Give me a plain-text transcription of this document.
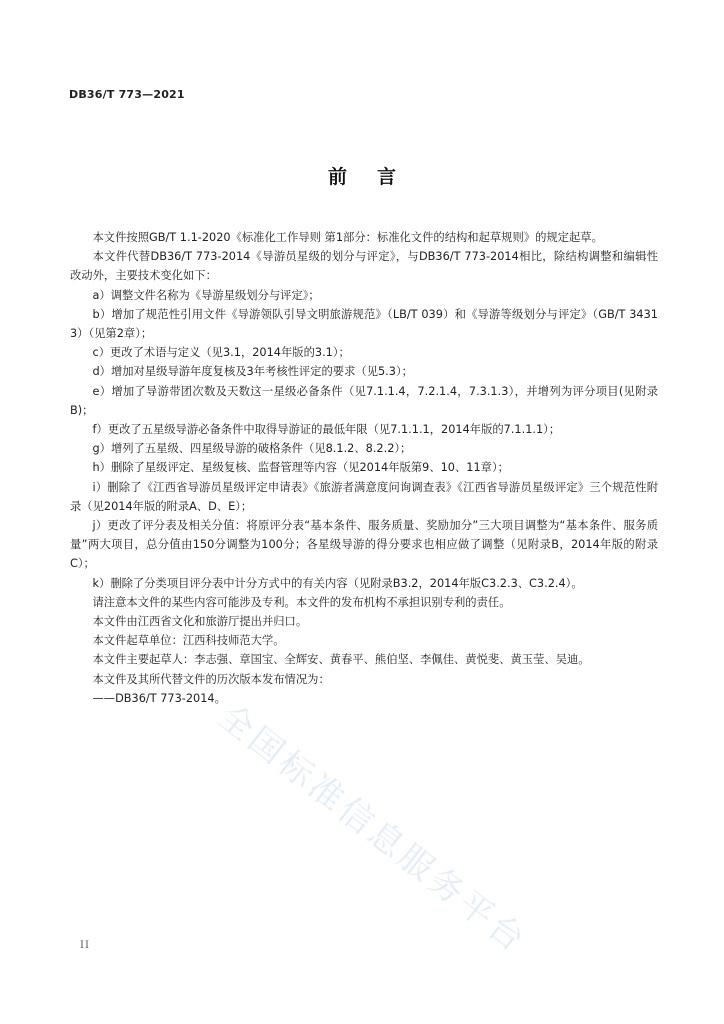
DB36/T 773—2021
前言

本文件按照GB/T 1.1-2020《标准化工作导则 第1部分：标准化文件的结构和起草规则》的规定起草。

本文件代替DB36/T 773-2014《导游员星级的划分与评定》，与DB36/T 773-2014相比，除结构调整和编辑性改动外，主要技术变化如下：

a）调整文件名称为《导游星级划分与评定》；

b）增加了规范性引用文件《导游领队引导文明旅游规范》（LB/T 039）和《导游等级划分与评定》（GB/T 34313）（见第2章）；

c）更改了术语与定义（见3.1，2014年版的3.1）；

d）增加对星级导游年度复核及3年考核性评定的要求（见5.3）；

e）增加了导游带团次数及天数这一星级必备条件（见7.1.1.4，7.2.1.4，7.3.1.3），并增列为评分项目(见附录B)；

f）更改了五星级导游必备条件中取得导游证的最低年限（见7.1.1.1，2014年版的7.1.1.1）；

g）增列了五星级、四星级导游的破格条件（见8.1.2、8.2.2）；

h）删除了星级评定、星级复核、监督管理等内容（见2014年版第9、10、11章）；

i）删除了《江西省导游员星级评定申请表》《旅游者满意度问询调查表》《江西省导游员星级评定》三个规范性附录（见2014年版的附录A、D、E）；

j）更改了评分表及相关分值：将原评分表“基本条件、服务质量、奖励加分”三大项目调整为“基本条件、服务质量”两大项目，总分值由150分调整为100分；各星级导游的得分要求也相应做了调整（见附录B，2014年版的附录C）；

k）删除了分类项目评分表中计分方式中的有关内容（见附录B3.2，2014年版C3.2.3、C3.2.4）。

请注意本文件的某些内容可能涉及专利。本文件的发布机构不承担识别专利的责任。

本文件由江西省文化和旅游厅提出并归口。

本文件起草单位：江西科技师范大学。

本文件主要起草人：李志强、章国宝、全辉安、黄春平、熊伯坚、李佩佳、黄悦斐、黄玉莹、吴迪。

本文件及其所代替文件的历次版本发布情况为：

——DB36/T 773-2014。

全国标准信息服务平台
II
